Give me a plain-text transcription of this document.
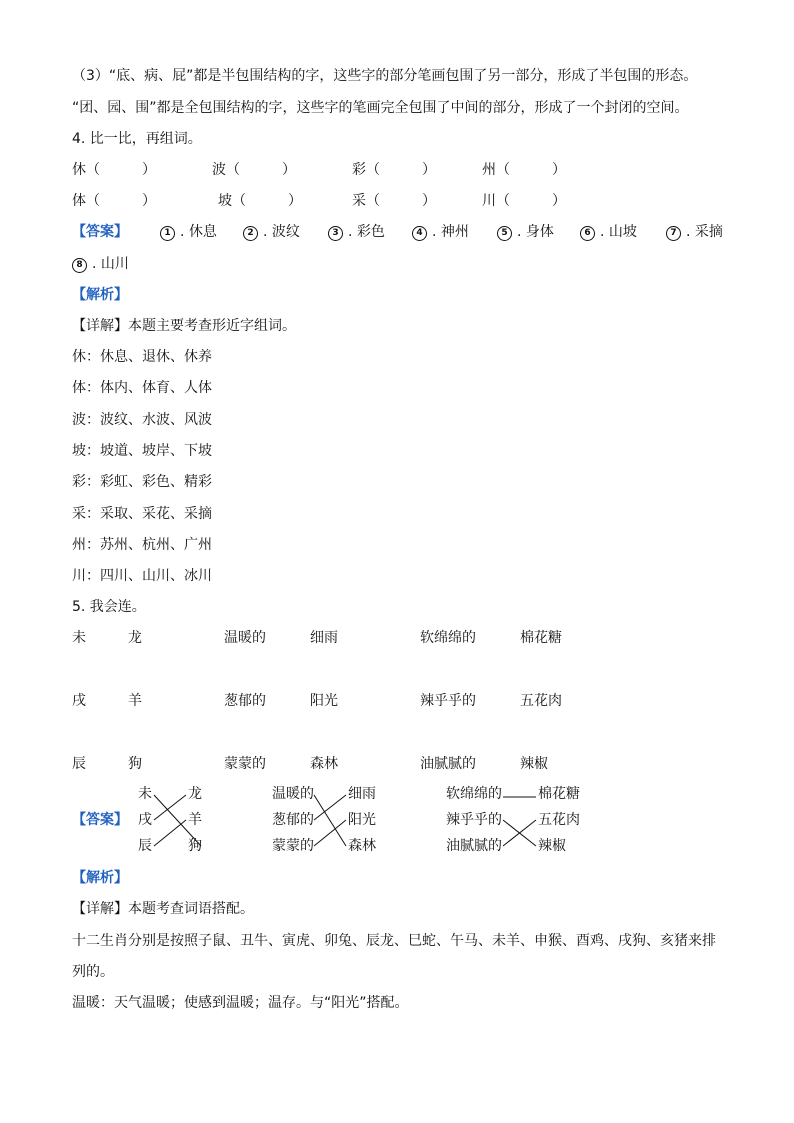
（3）“底、病、屁”都是半包围结构的字，这些字的部分笔画包围了另一部分，形成了半包围的形态。
“团、园、围”都是全包围结构的字，这些字的笔画完全包围了中间的部分，形成了一个封闭的空间。
4. 比一比，再组词。
休（　　　）	波（　　　）	彩（　　　）	州（　　　）
体（　　　）	坡（　　　）	采（　　　）	川（　　　）
【答案】	1 . 休息	2 . 波纹	3 . 彩色	4 . 神州	5 . 身体	6 . 山坡	7 . 采摘
8 . 山川
【解析】
【详解】本题主要考查形近字组词。
休：休息、退休、休养
体：体内、体育、人体
波：波纹、水波、风波
坡：坡道、坡岸、下坡
彩：彩虹、彩色、精彩
采：采取、采花、采摘
州：苏州、杭州、广州
川：四川、山川、冰川
5. 我会连。
未	龙	温暖的	细雨	软绵绵的	棉花糖
戌	羊	葱郁的	阳光	辣乎乎的	五花肉
辰	狗	蒙蒙的	森林	油腻腻的	辣椒
【答案】
未	龙
戌	羊
辰	狗
温暖的 细雨
葱郁的 阳光
蒙蒙的 森林
软绵绵的	棉花糖
辣乎乎的	五花肉
油腻腻的	辣椒
【解析】
【详解】本题考查词语搭配。
十二生肖分别是按照子鼠、丑牛、寅虎、卯兔、辰龙、巳蛇、午马、未羊、申猴、酉鸡、戌狗、亥猪来排
列的。
温暖：天气温暖；使感到温暖；温存。与“阳光”搭配。
